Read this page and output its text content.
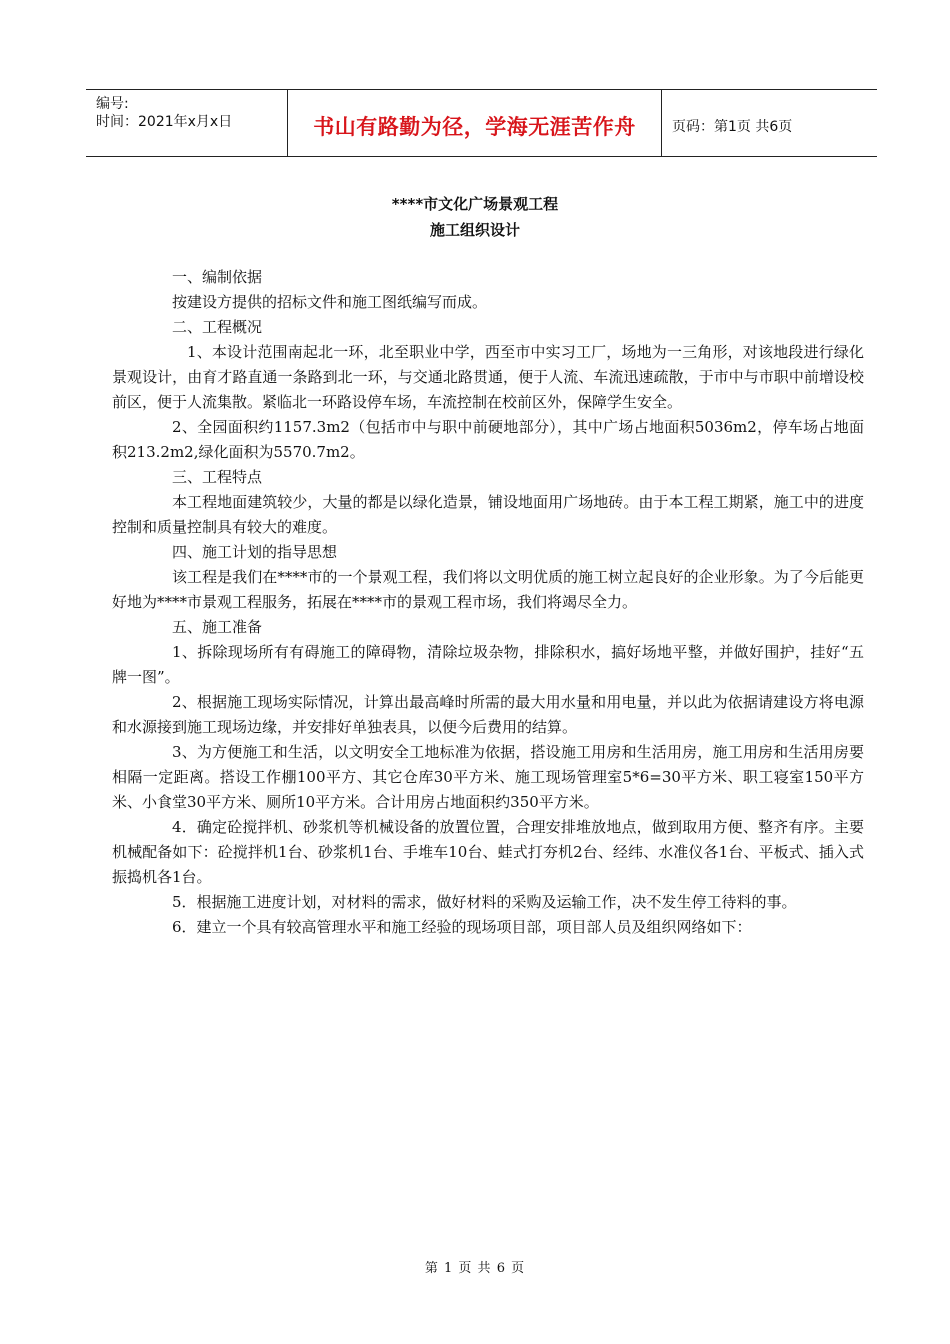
编号:
时间：2021年x月x日	书山有路勤为径，学海无涯苦作舟	页码：第1页 共6页
****市文化广场景观工程
施工组织设计

一、编制依据

按建设方提供的招标文件和施工图纸编写而成。

二、工程概况

1、本设计范围南起北一环，北至职业中学，西至市中实习工厂，场地为一三角形，对该地段进行绿化景观设计，由育才路直通一条路到北一环，与交通北路贯通，便于人流、车流迅速疏散，于市中与市职中前增设校前区，便于人流集散。紧临北一环路设停车场，车流控制在校前区外，保障学生安全。

2、全园面积约1157.3m2（包括市中与职中前硬地部分），其中广场占地面积5036m2，停车场占地面积213.2m2,绿化面积为5570.7m2。

三、工程特点

本工程地面建筑较少，大量的都是以绿化造景，铺设地面用广场地砖。由于本工程工期紧，施工中的进度控制和质量控制具有较大的难度。

四、施工计划的指导思想

该工程是我们在****市的一个景观工程，我们将以文明优质的施工树立起良好的企业形象。为了今后能更好地为****市景观工程服务，拓展在****市的景观工程市场，我们将竭尽全力。

五、施工准备

1、拆除现场所有有碍施工的障碍物，清除垃圾杂物，排除积水，搞好场地平整，并做好围护，挂好“五牌一图”。

2、根据施工现场实际情况，计算出最高峰时所需的最大用水量和用电量，并以此为依据请建设方将电源和水源接到施工现场边缘，并安排好单独表具，以便今后费用的结算。

3、为方便施工和生活，以文明安全工地标准为依据，搭设施工用房和生活用房，施工用房和生活用房要相隔一定距离。搭设工作棚100平方、其它仓库30平方米、施工现场管理室5*6=30平方米、职工寝室150平方米、小食堂30平方米、厕所10平方米。合计用房占地面积约350平方米。

4．确定砼搅拌机、砂浆机等机械设备的放置位置，合理安排堆放地点，做到取用方便、整齐有序。主要机械配备如下：砼搅拌机1台、砂浆机1台、手堆车10台、蛙式打夯机2台、经纬、水准仪各1台、平板式、插入式振捣机各1台。

5．根据施工进度计划，对材料的需求，做好材料的采购及运输工作，决不发生停工待料的事。

6．建立一个具有较高管理水平和施工经验的现场项目部，项目部人员及组织网络如下：

第 1 页 共 6 页
